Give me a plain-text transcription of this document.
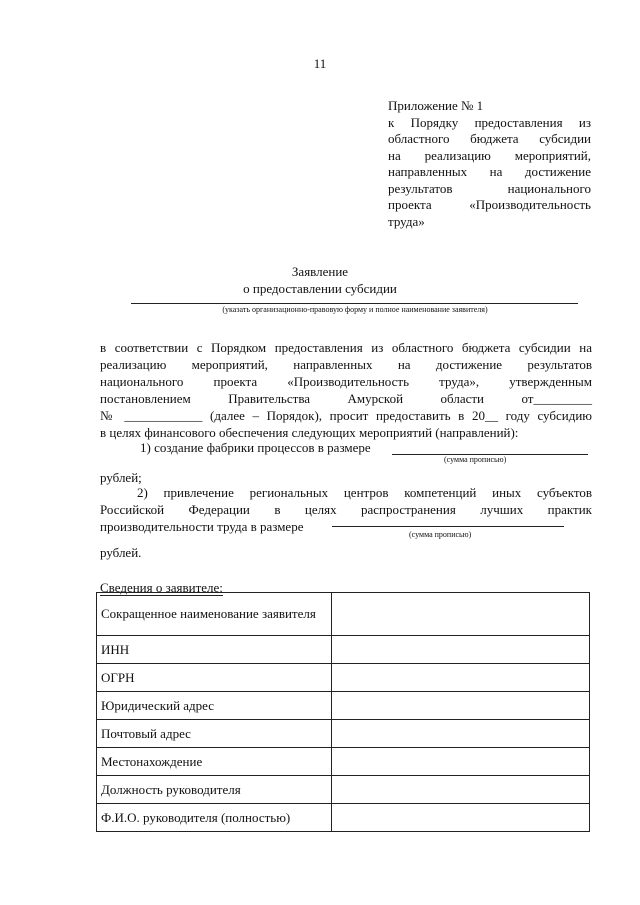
11
Приложение № 1
к Порядку предоставления из
областного бюджета субсидии
на реализацию мероприятий,
направленных на достижение
результатов национального
проекта «Производительность
труда»
Заявление
о предоставлении субсидии
(указать организационно-правовую форму и полное наименование заявителя)
в соответствии с Порядком предоставления из областного бюджета субсидии на
реализацию мероприятий, направленных на достижение результатов
национального проекта «Производительность труда», утвержденным
постановлением Правительства Амурской области от_________
№ ____________ (далее – Порядок), просит предоставить в 20__ году субсидию
в целях финансового обеспечения следующих мероприятий (направлений):
1) создание фабрики процессов в размере
(сумма прописью)
рублей;
2) привлечение региональных центров компетенций иных субъектов
Российской Федерации в целях распространения лучших практик
производительности труда в размере
(сумма прописью)
рублей.
Сведения о заявителе:
Сокращенное наименование заявителя	
ИНН	
ОГРН	
Юридический адрес	
Почтовый адрес	
Местонахождение	
Должность руководителя	
Ф.И.О. руководителя (полностью)	
